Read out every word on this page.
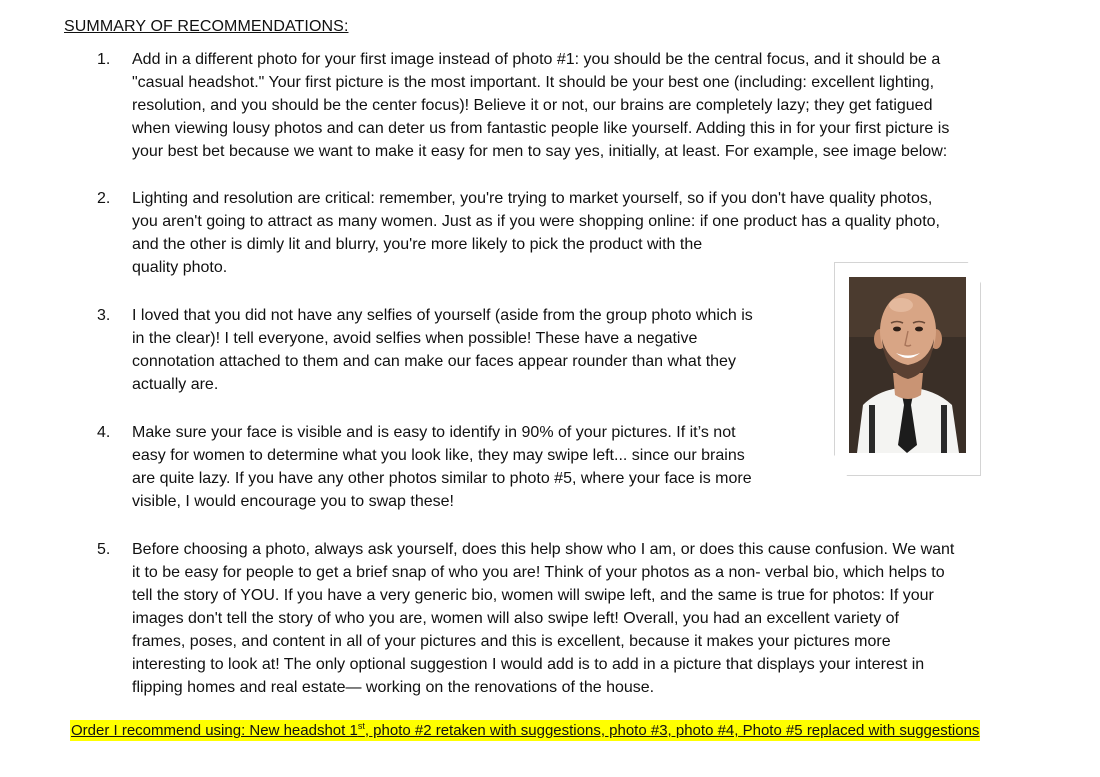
SUMMARY OF RECOMMENDATIONS:
1. Add in a different photo for your first image instead of photo #1: you should be the central focus, and it should be a
"casual headshot." Your first picture is the most important. It should be your best one (including: excellent lighting,
resolution, and you should be the center focus)! Believe it or not, our brains are completely lazy; they get fatigued
when viewing lousy photos and can deter us from fantastic people like yourself. Adding this in for your first picture is
your best bet because we want to make it easy for men to say yes, initially, at least. For example, see image below:
2. Lighting and resolution are critical: remember, you're trying to market yourself, so if you don't have quality photos,
you aren't going to attract as many women. Just as if you were shopping online: if one product has a quality photo,
and the other is dimly lit and blurry, you're more likely to pick the product with the
quality photo.
3. I loved that you did not have any selfies of yourself (aside from the group photo which is
in the clear)! I tell everyone, avoid selfies when possible! These have a negative
connotation attached to them and can make our faces appear rounder than what they
actually are.
4. Make sure your face is visible and is easy to identify in 90% of your pictures. If it’s not
easy for women to determine what you look like, they may swipe left... since our brains
are quite lazy. If you have any other photos similar to photo #5, where your face is more
visible, I would encourage you to swap these!
5. Before choosing a photo, always ask yourself, does this help show who I am, or does this cause confusion. We want
it to be easy for people to get a brief snap of who you are! Think of your photos as a non- verbal bio, which helps to
tell the story of YOU. If you have a very generic bio, women will swipe left, and the same is true for photos: If your
images don't tell the story of who you are, women will also swipe left! Overall, you had an excellent variety of
frames, poses, and content in all of your pictures and this is excellent, because it makes your pictures more
interesting to look at! The only optional suggestion I would add is to add in a picture that displays your interest in
flipping homes and real estate— working on the renovations of the house.
Order I recommend using: New headshot 1st, photo #2 retaken with suggestions, photo #3, photo #4, Photo #5 replaced with suggestions
